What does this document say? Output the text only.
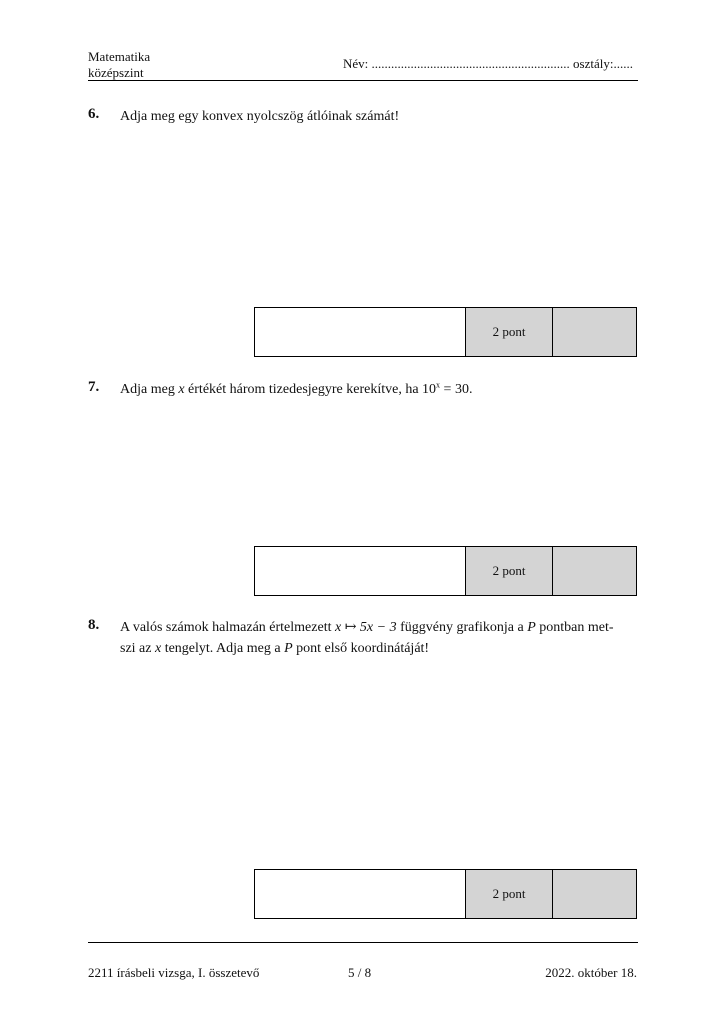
Matematika
középszint
Név: ............................................................. osztály:......
6. Adja meg egy konvex nyolcszög átlóinak számát!
2 pont
7. Adja meg x értékét három tizedesjegyre kerekítve, ha $10^x = 30$.
2 pont
8. A valós számok halmazán értelmezett x ↦ 5x − 3 függvény grafikonja a P pontban met-
szi az x tengelyt. Adja meg a P pont első koordinátáját!
2 pont
2211 írásbeli vizsga, I. összetevő	5 / 8	2022. október 18.
